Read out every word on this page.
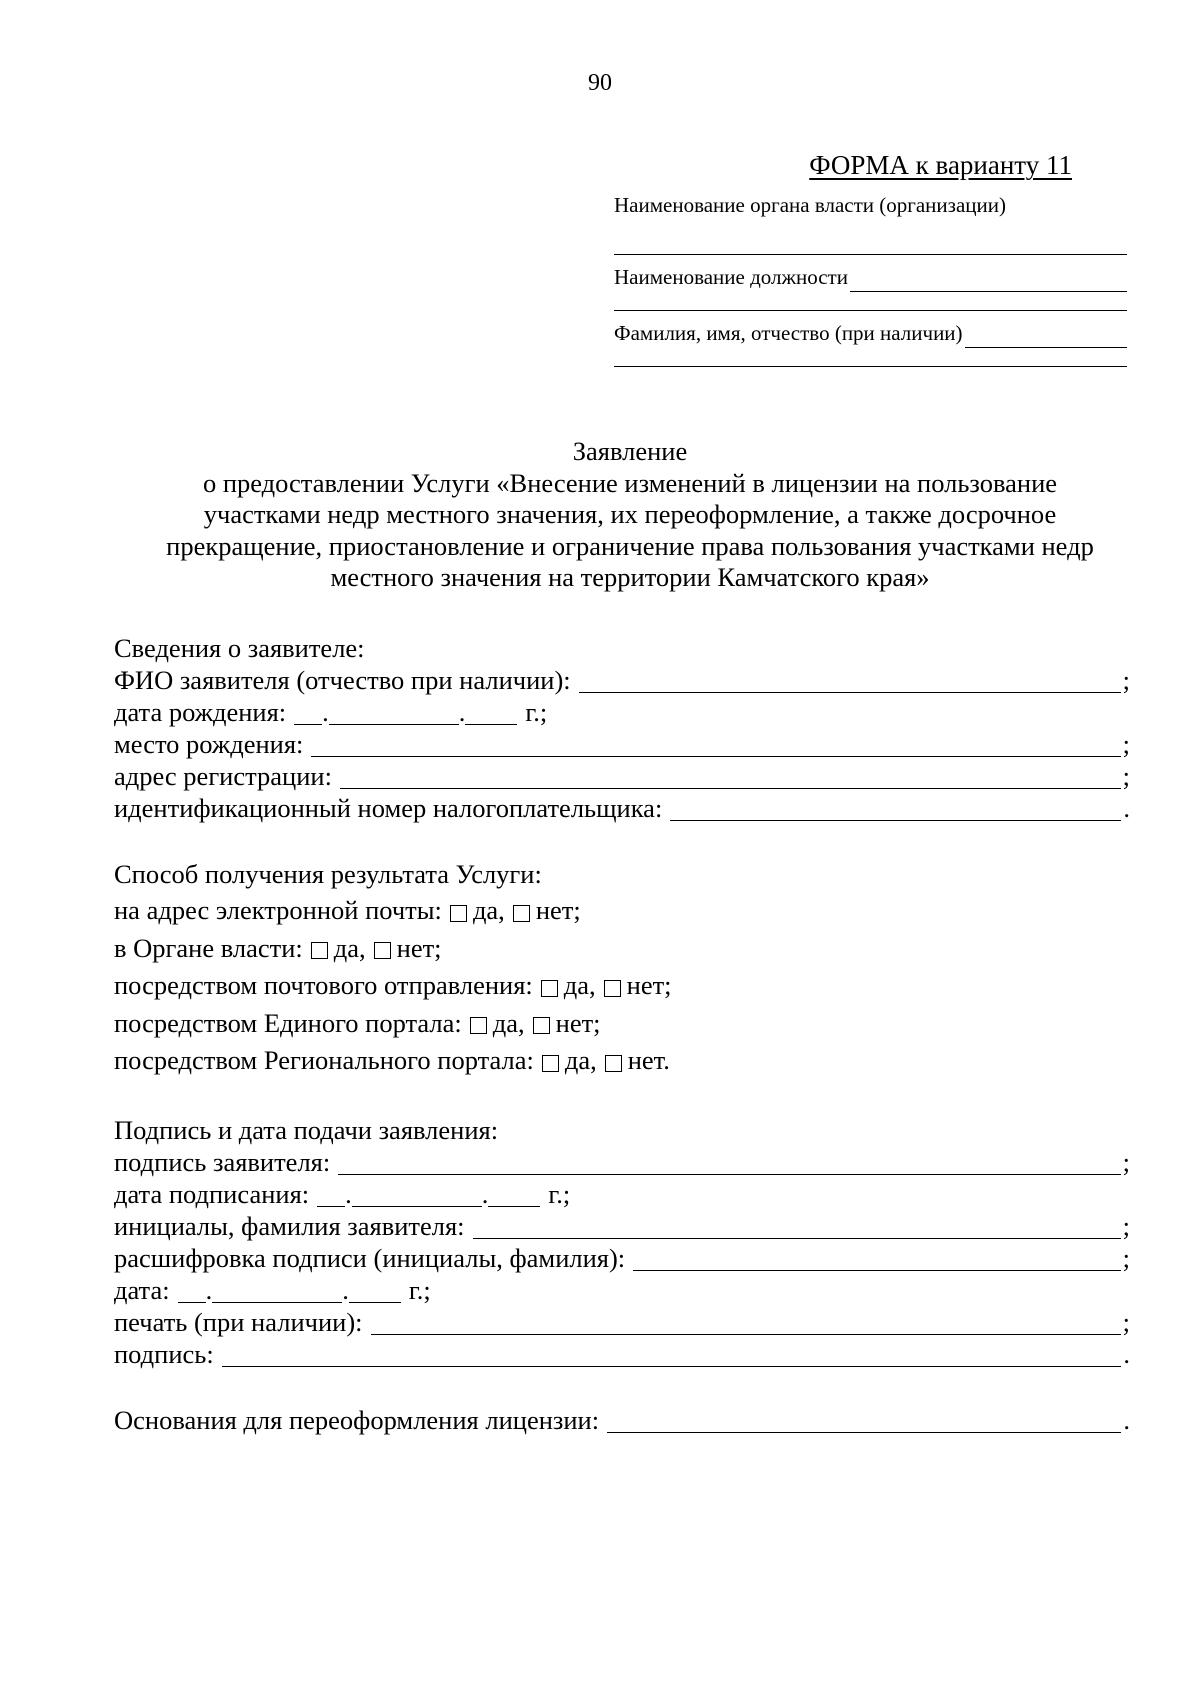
90
ФОРМА к варианту 11
Наименование органа власти (организации)
Наименование должности
Фамилия, имя, отчество (при наличии)
Заявление
о предоставлении Услуги «Внесение изменений в лицензии на пользование
участками недр местного значения, их переоформление, а также досрочное
прекращение, приостановление и ограничение права пользования участками недр
местного значения на территории Камчатского края»
Сведения о заявителе:
ФИО заявителя (отчество при наличии):	;
дата рождения: .	. г.;
место рождения:	;
адрес регистрации:	;
идентификационный номер налогоплательщика:	.
Способ получения результата Услуги:
на адрес электронной почты: да, нет;
в Органе власти: да, нет;
посредством почтового отправления: да, нет;
посредством Единого портала: да, нет;
посредством Регионального портала: да, нет.
Подпись и дата подачи заявления:
подпись заявителя:	;
дата подписания: .	. г.;
инициалы, фамилия заявителя:	;
расшифровка подписи (инициалы, фамилия):	;
дата: .	. г.;
печать (при наличии):	;
подпись:	.
Основания для переоформления лицензии:	.
